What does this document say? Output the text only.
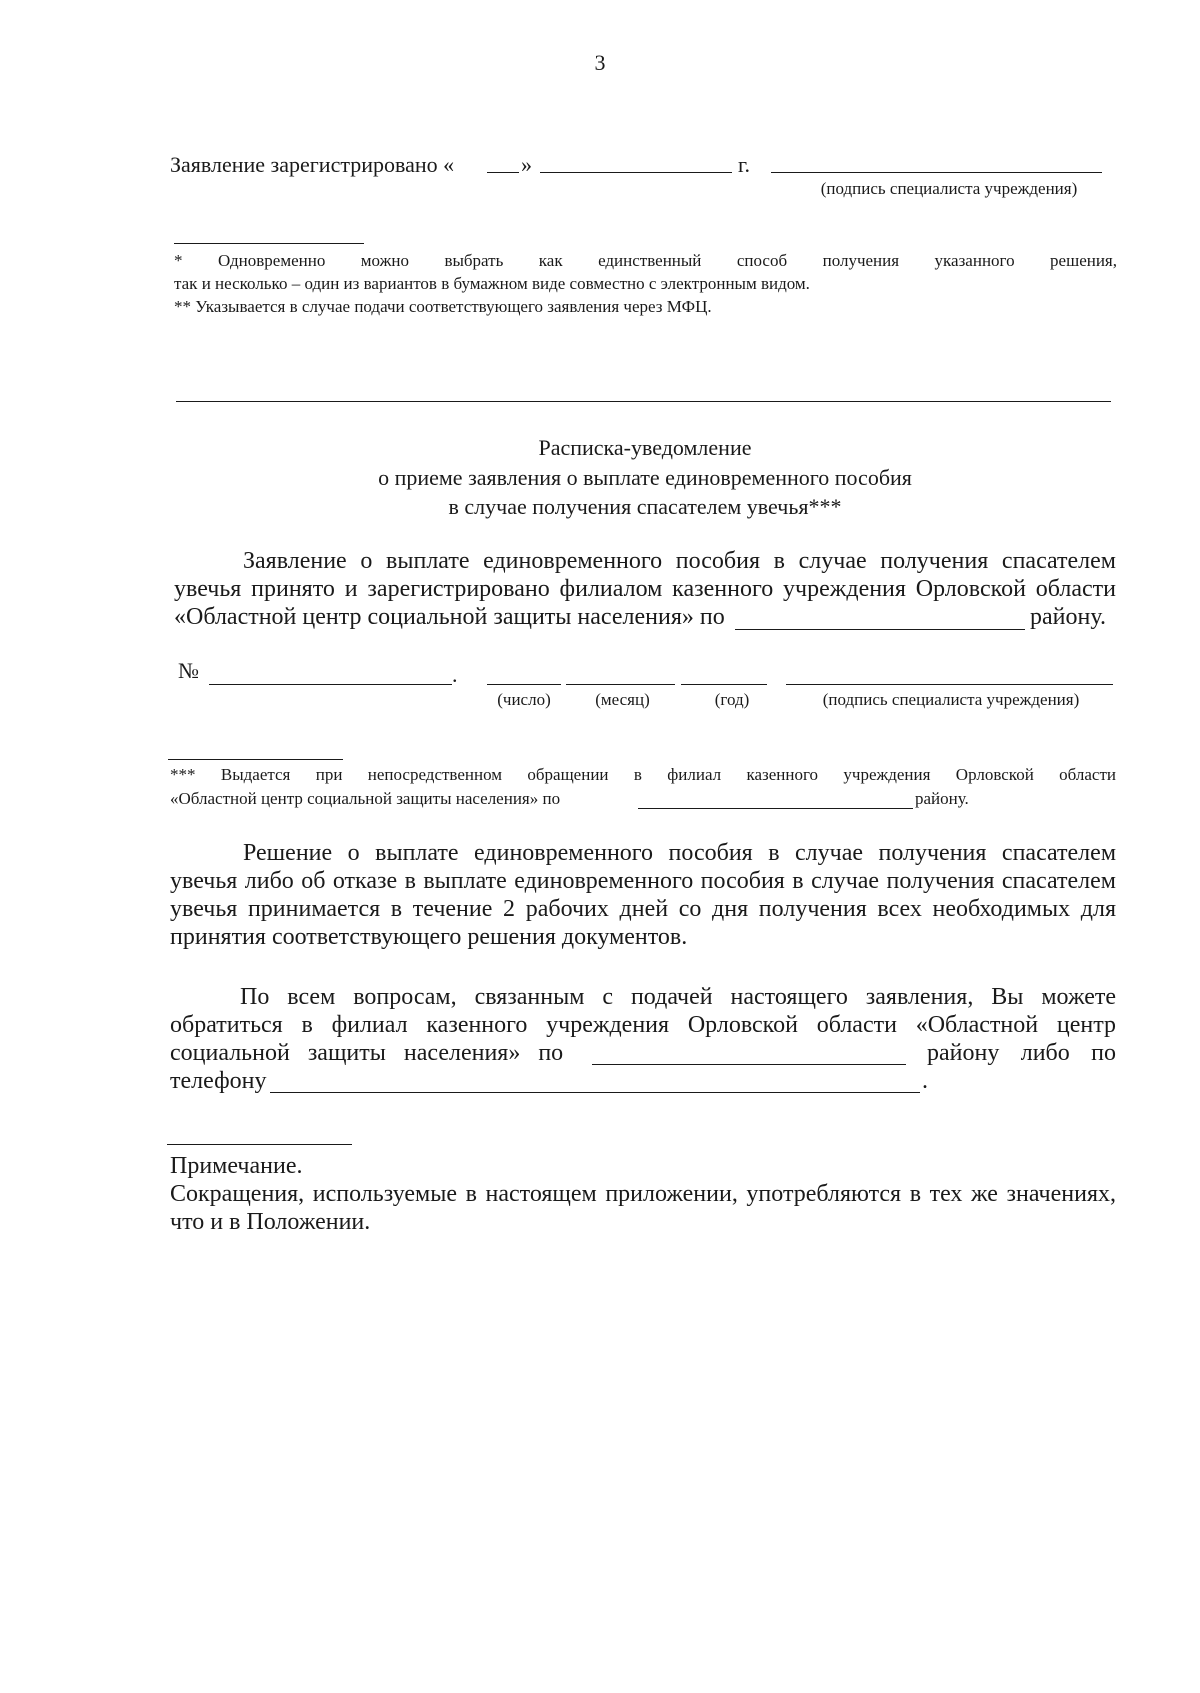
3
Заявление зарегистрировано «	»	г.
(подпись специалиста учреждения)
* Одновременно можно выбрать как единственный способ получения указанного решения,
так и несколько – один из вариантов в бумажном виде совместно с электронным видом.
** Указывается в случае подачи соответствующего заявления через МФЦ.
Расписка-уведомление
о приеме заявления о выплате единовременного пособия
в случае получения спасателем увечья***
Заявление о выплате единовременного пособия в случае получения спасателем
увечья принято и зарегистрировано филиалом казенного учреждения Орловской области
«Областной центр социальной защиты населения» по	району.
№	.
(число)	(месяц)	(год)	(подпись специалиста учреждения)
*** Выдается при непосредственном обращении в филиал казенного учреждения Орловской области
«Областной центр социальной защиты населения» по	району.
Решение о выплате единовременного пособия в случае получения спасателем
увечья либо об отказе в выплате единовременного пособия в случае получения спасателем
увечья принимается в течение 2 рабочих дней со дня получения всех необходимых для
принятия соответствующего решения документов.
По всем вопросам, связанным с подачей настоящего заявления, Вы можете
обратиться в филиал казенного учреждения Орловской области «Областной центр
социальной защиты населения» по	району либо по
телефону	.
Примечание.
Сокращения, используемые в настоящем приложении, употребляются в тех же значениях,
что и в Положении.
